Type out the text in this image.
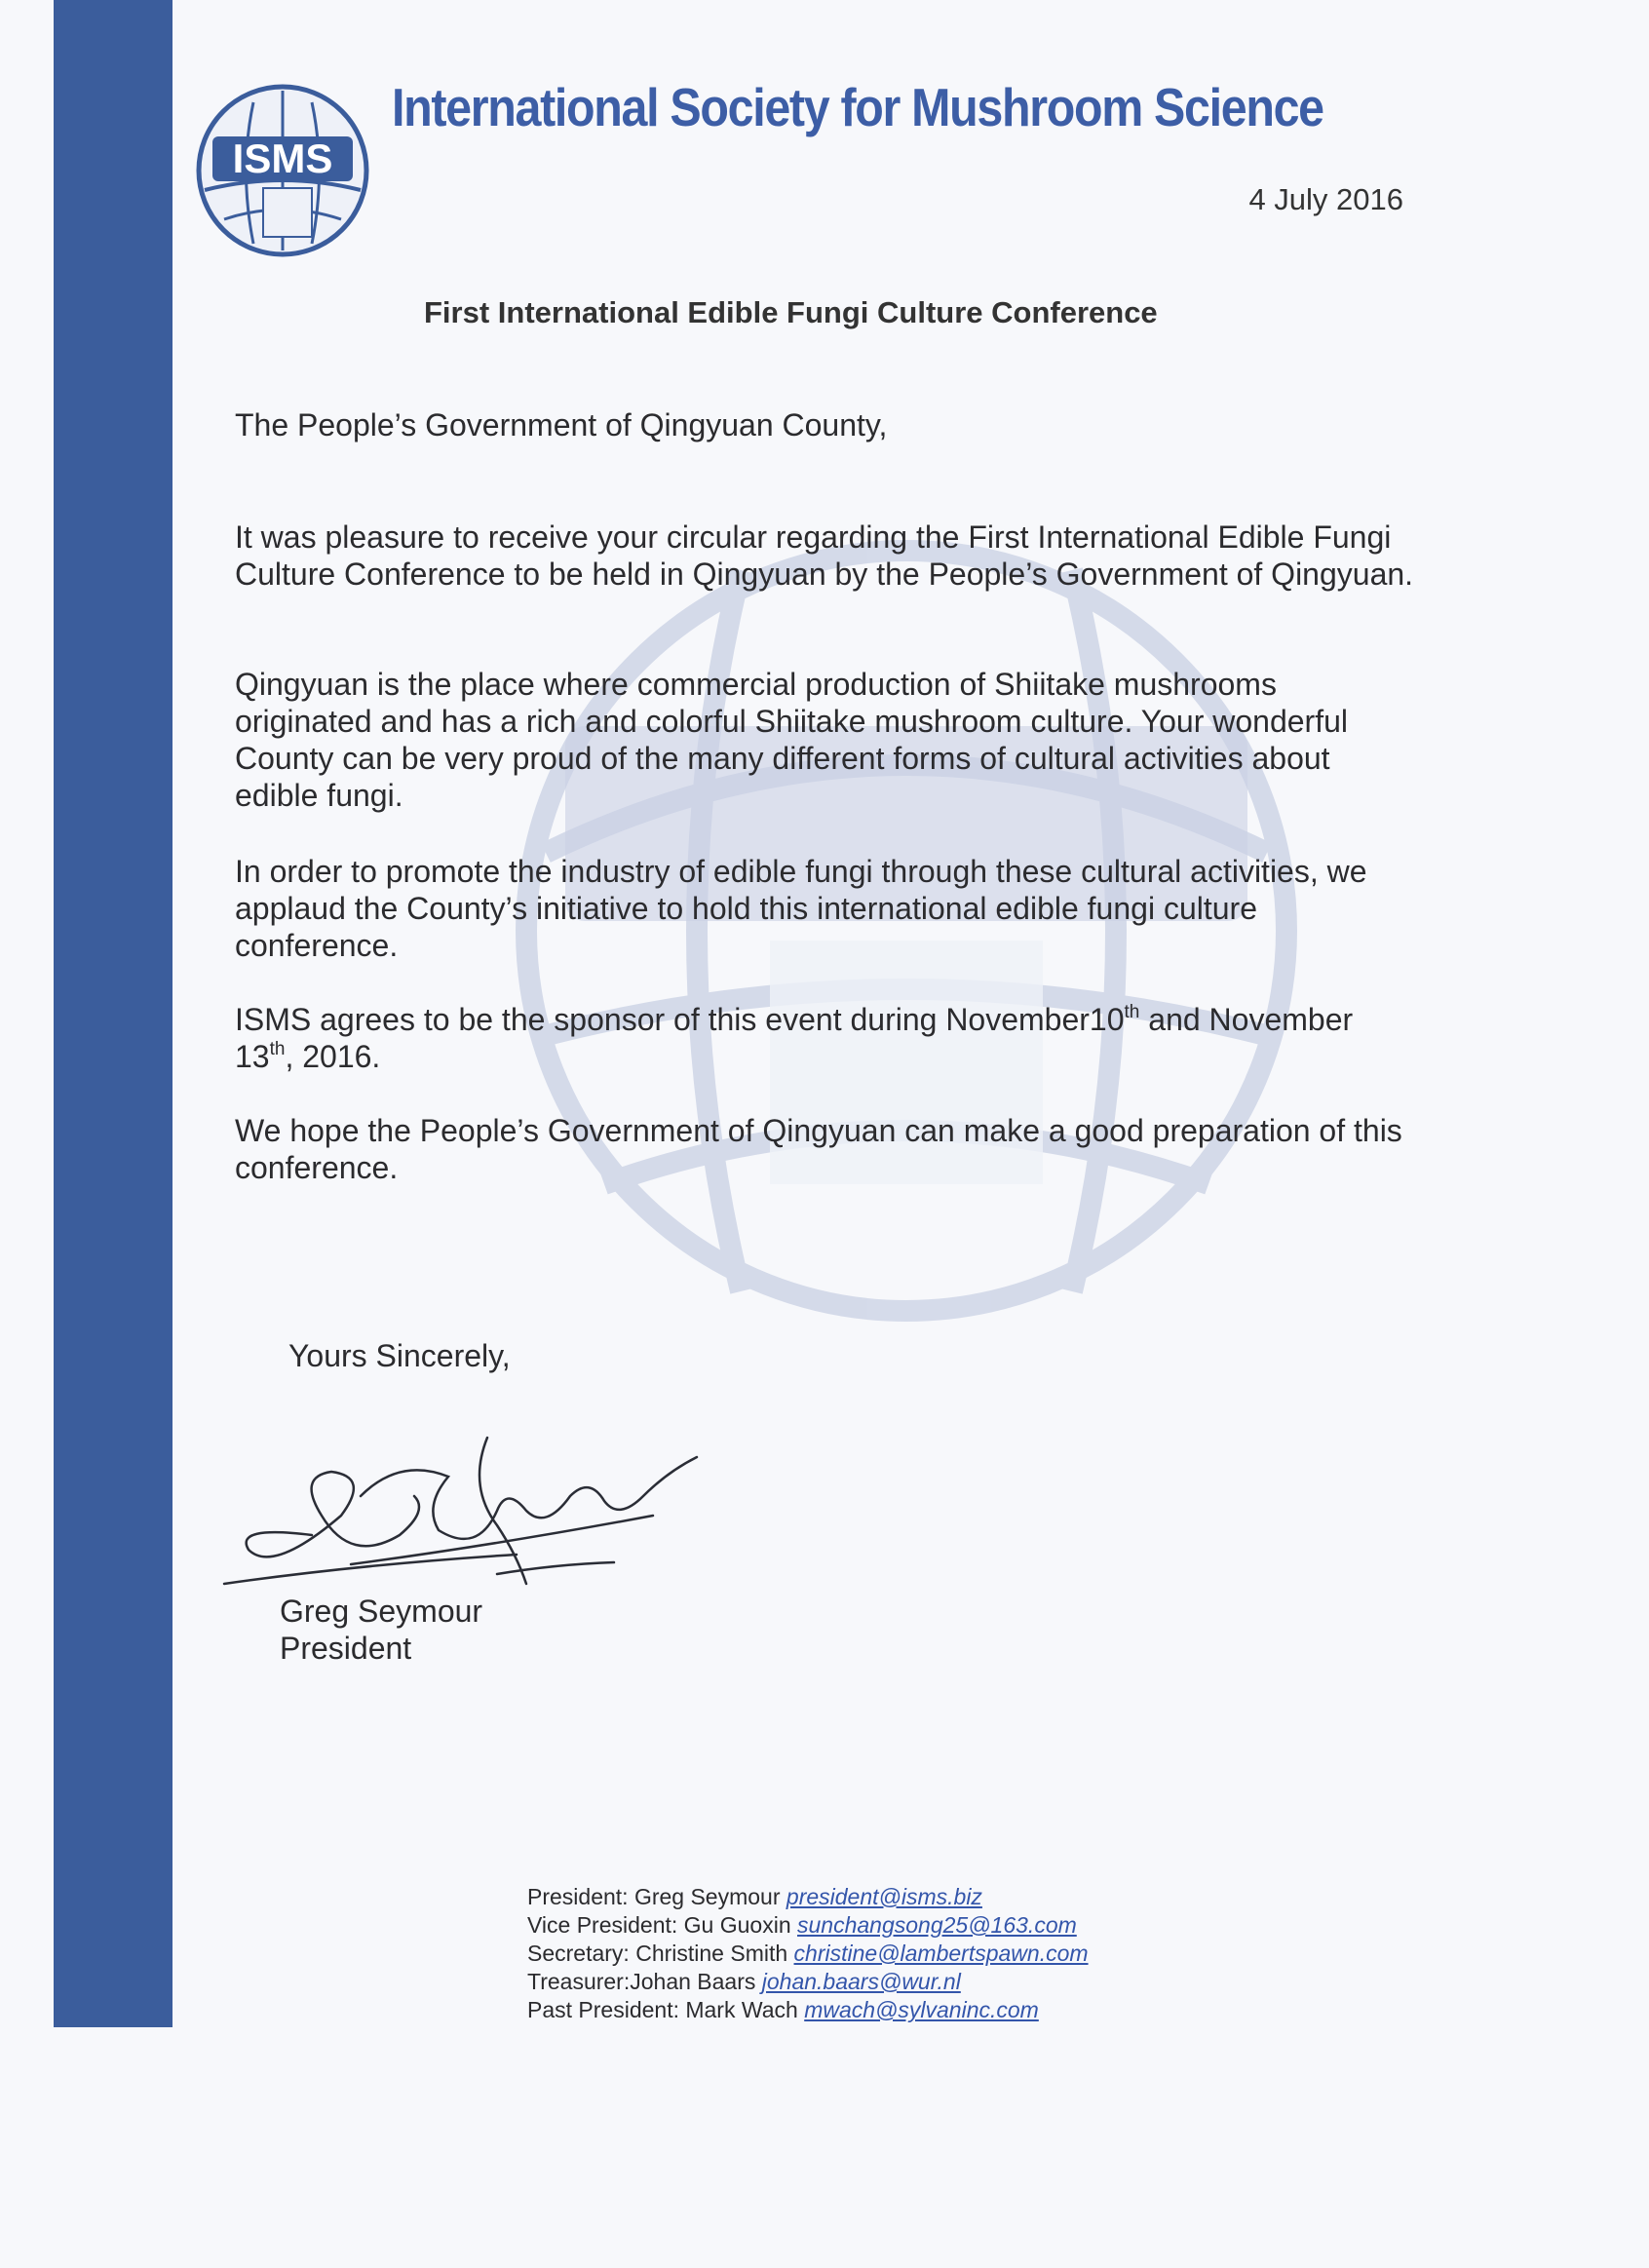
ISMS
International Society for Mushroom Science
4 July 2016
First International Edible Fungi Culture Conference
The People’s Government of Qingyuan County,

It was pleasure to receive your circular regarding the First International Edible Fungi Culture Conference to be held in Qingyuan by the People’s Government of Qingyuan.

Qingyuan is the place where commercial production of Shiitake mushrooms originated and has a rich and colorful Shiitake mushroom culture. Your wonderful County can be very proud of the many different forms of cultural activities about edible fungi.

In order to promote the industry of edible fungi through these cultural activities, we applaud the County’s initiative to hold this international edible fungi culture conference.

ISMS agrees to be the sponsor of this event during November10th and November 13th, 2016.

We hope the People’s Government of Qingyuan can make a good preparation of this conference.

Yours Sincerely,
Greg Seymour
President
President: Greg Seymour president@isms.biz
Vice President: Gu Guoxin sunchangsong25@163.com
Secretary: Christine Smith christine@lambertspawn.com
Treasurer:Johan Baars johan.baars@wur.nl
Past President: Mark Wach mwach@sylvaninc.com
